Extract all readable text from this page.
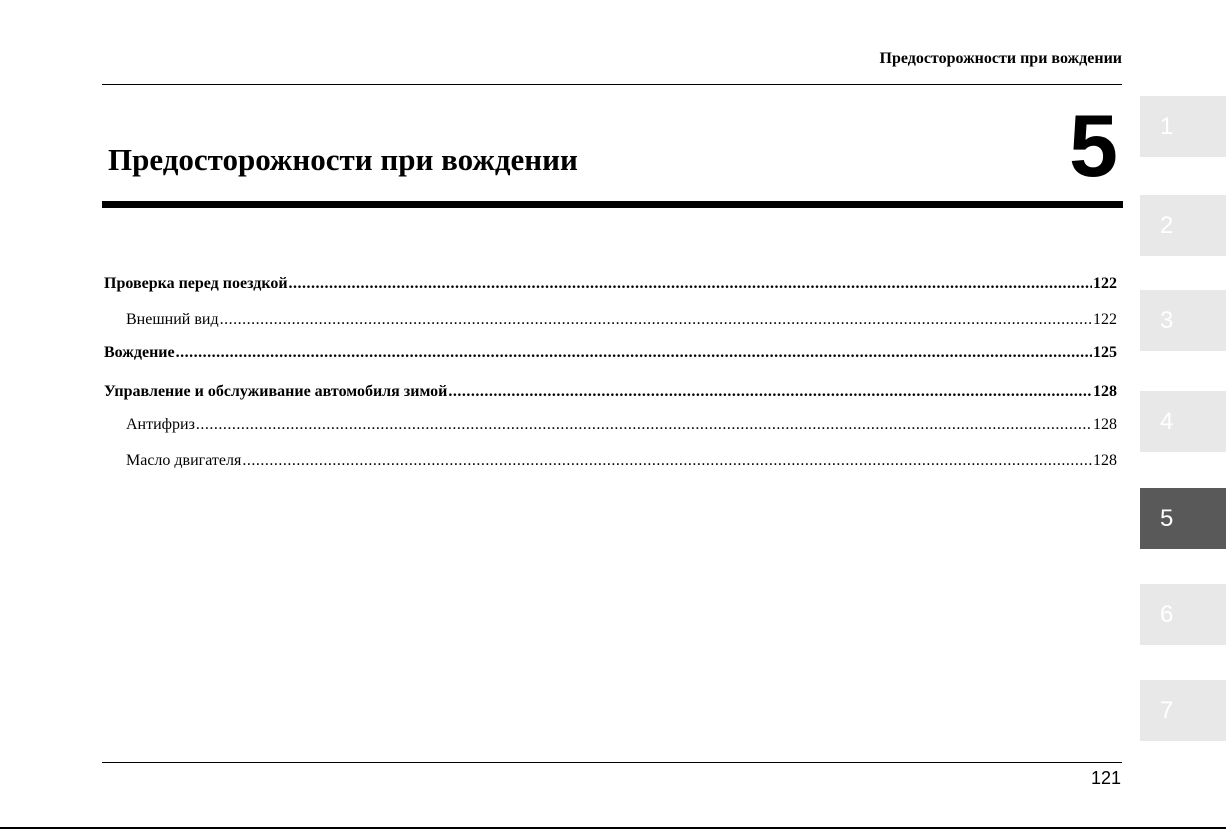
Предосторожности при вождении
Предосторожности при вождении	5
Проверка перед поездкой .....	122
Внешний вид .....	122
Вождение .....	125
Управление и обслуживание автомобиля зимой .....	128
Антифриз .....	128
Масло двигателя .....	128
1
2
3
4
5
6
7
121
